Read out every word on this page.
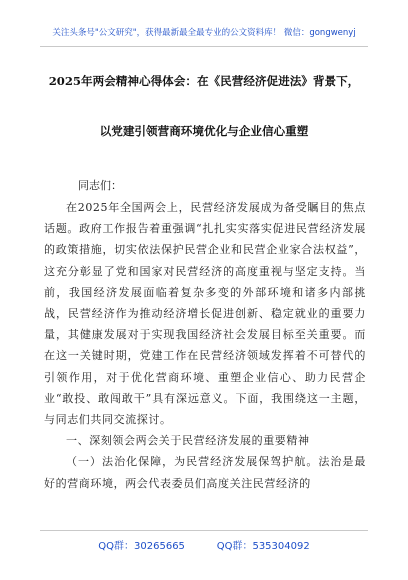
关注头条号"公文研究"，获得最新最全最专业的公文资料库！ 微信：gongwenyj
2025年两会精神心得体会：在《民营经济促进法》背景下，
以党建引领营商环境优化与企业信心重塑
同志们：

在2025年全国两会上，民营经济发展成为备受瞩目的焦点话题。政府工作报告着重强调“扎扎实实落实促进民营经济发展的政策措施，切实依法保护民营企业和民营企业家合法权益”，这充分彰显了党和国家对民营经济的高度重视与坚定支持。当前，我国经济发展面临着复杂多变的外部环境和诸多内部挑战，民营经济作为推动经济增长促进创新、稳定就业的重要力量，其健康发展对于实现我国经济社会发展目标至关重要。而在这一关键时期，党建工作在民营经济领域发挥着不可替代的引领作用，对于优化营商环境、重塑企业信心、助力民营企业“敢投、敢闯敢干”具有深远意义。下面，我围绕这一主题，与同志们共同交流探讨。

一、深刻领会两会关于民营经济发展的重要精神

（一）法治化保障，为民营经济发展保驾护航。法治是最好的营商环境，两会代表委员们高度关注民营经济的

QQ群：30265665          QQ群：535304092
